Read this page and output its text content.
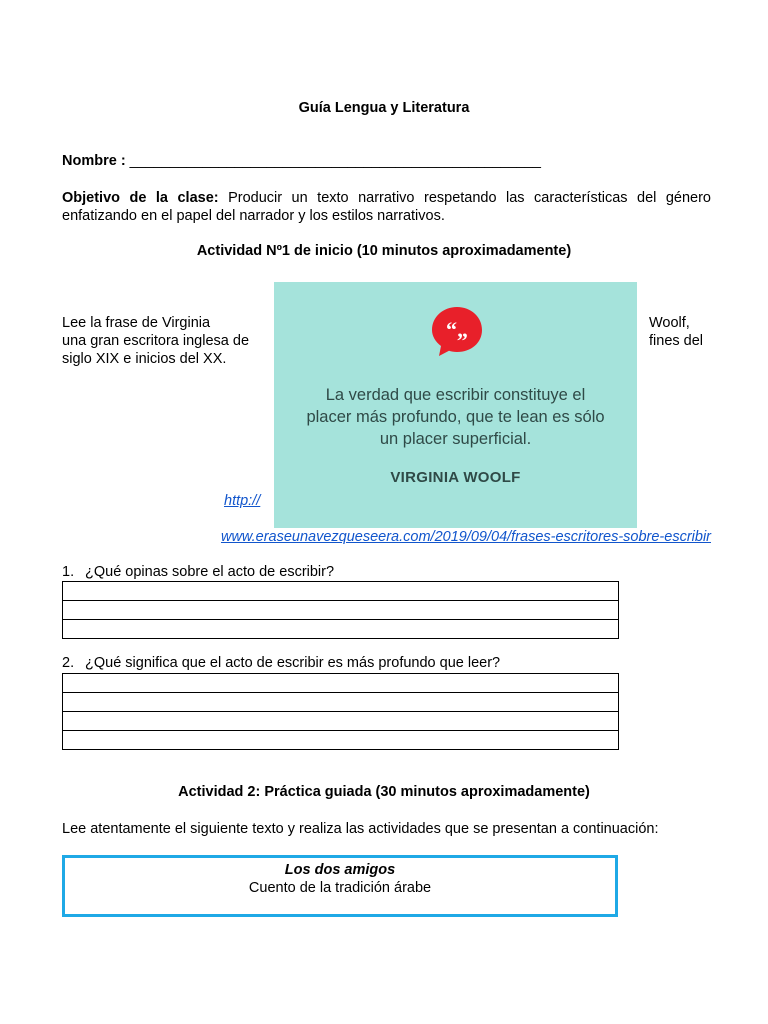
Guía Lengua y Literatura
Nombre : ___________________________________________________
Objetivo de la clase: Producir un texto narrativo respetando las características del género enfatizando en el papel del narrador y los estilos narrativos.
Actividad Nº1 de inicio (10 minutos aproximadamente)
Lee la frase de Virginia
una gran escritora inglesa de
siglo XIX e inicios del XX.
Woolf,
fines del
“„
La verdad que escribir constituye el
placer más profundo, que te lean es sólo
un placer superficial.
VIRGINIA WOOLF
http://
www.eraseunavezqueseera.com/2019/09/04/frases-escritores-sobre-escribir
1. ¿Qué opinas sobre el acto de escribir?
2. ¿Qué significa que el acto de escribir es más profundo que leer?
Actividad 2: Práctica guiada (30 minutos aproximadamente)
Lee atentamente el siguiente texto y realiza las actividades que se presentan a continuación:
Los dos amigos
Cuento de la tradición árabe
